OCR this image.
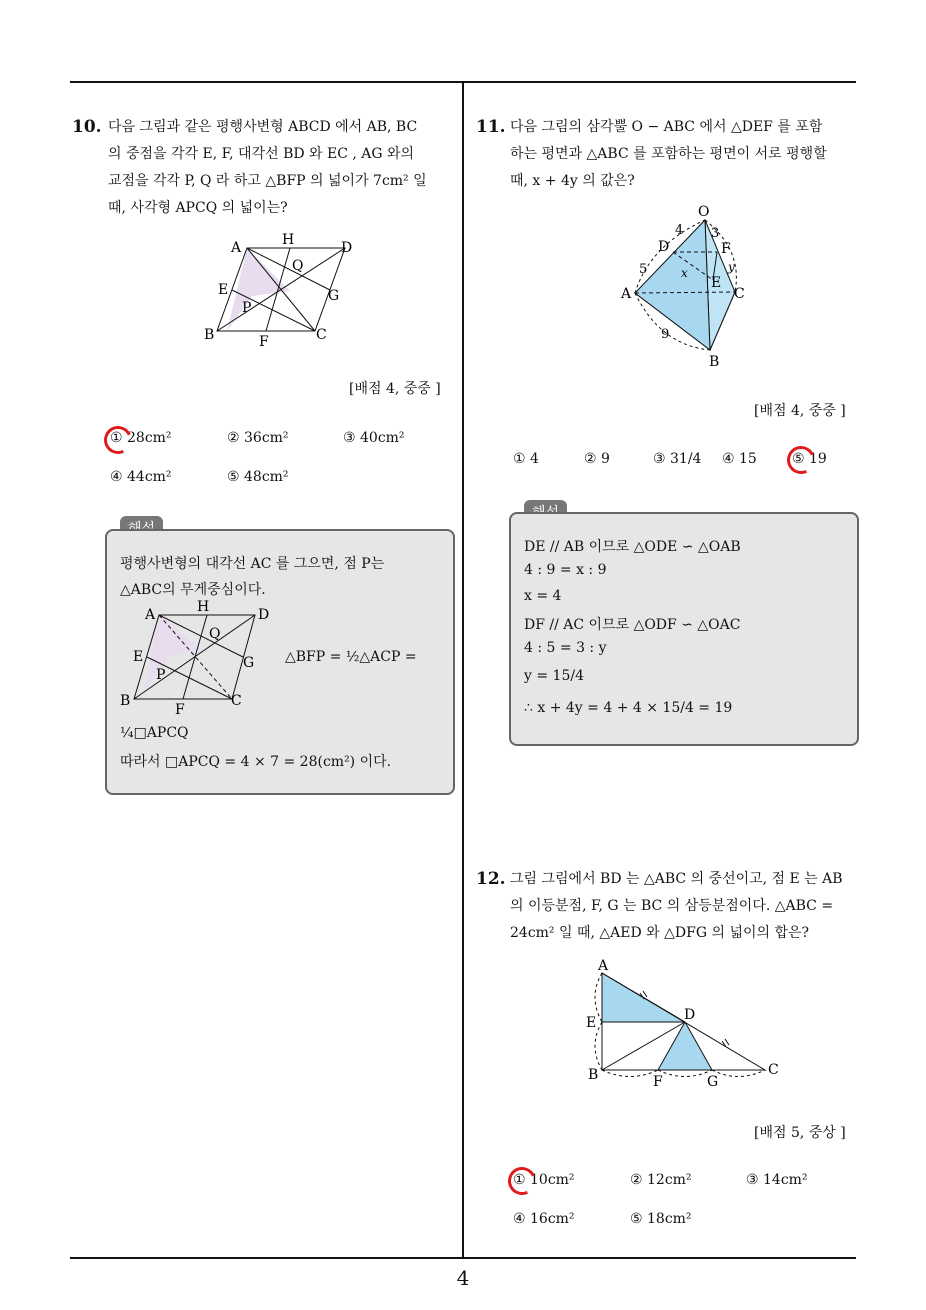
10. 다음 그림과 같은 평행사변형 ABCD 에서 AB, BC
의 중점을 각각 E, F, 대각선 BD 와 EC , AG 와의
교점을 각각 P, Q 라 하고 △BFP 의 넓이가 7cm² 일
때, 사각형 APCQ 의 넓이는?
A	H	D
Q
E	G
P
B	F	C
[배점 4, 중중 ]
① 28cm²	② 36cm²	③ 40cm²
④ 44cm²	⑤ 48cm²
평행사변형의 대각선 AC 를 그으면, 점 P는
△ABC의 무게중심이다.
A	H	D
Q
E	G
P
B
F
C
△BFP = ½△ACP =
¼□APCQ
따라서 □APCQ = 4 × 7 = 28(cm²) 이다.
11. 다음 그림의 삼각뿔 O − ABC 에서 △DEF 를 포함
하는 평면과 △ABC 를 포함하는 평면이 서로 평행할
때, x + 4y 의 값은?
O
4 3
D	F
5	x	y
E
A	C
9
B
[배점 4, 중중 ]
① 4	② 9	③ 31/4 ④ 15	⑤ 19
DE // AB 이므로 △ODE ∽ △OAB
4 : 9 = x : 9
x = 4
DF // AC 이므로 △ODF ∽ △OAC
4 : 5 = 3 : y
y = 15/4
∴ x + 4y = 4 + 4 × 15/4 = 19
12. 그림 그림에서 BD 는 △ABC 의 중선이고, 점 E 는 AB
의 이등분점, F, G 는 BC 의 삼등분점이다. △ABC =
24cm² 일 때, △AED 와 △DFG 의 넓이의 합은?
A
D
E
B	F	G
C
[배점 5, 중상 ]
① 10cm²	② 12cm²	③ 14cm²
④ 16cm²	⑤ 18cm²
4
